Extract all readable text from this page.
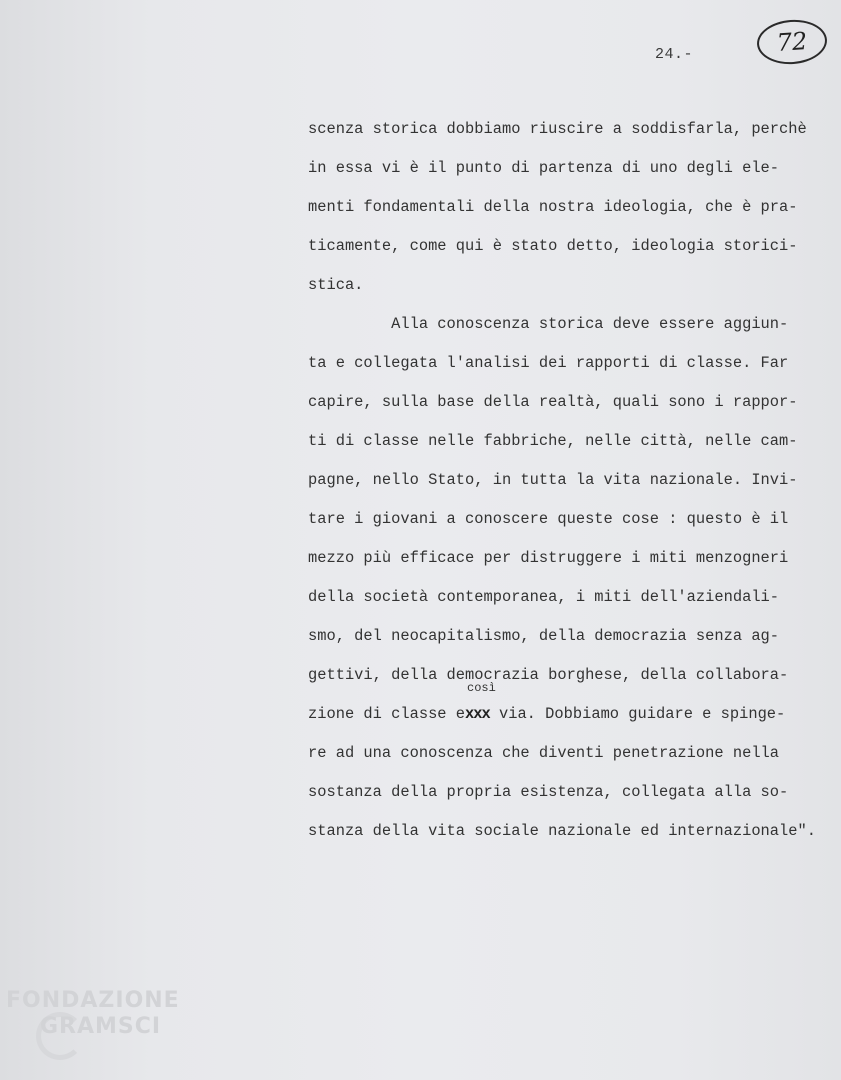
72
24.-
scenza storica dobbiamo riuscire a soddisfarla, perchè
in essa vi è il punto di partenza di uno degli ele-
menti fondamentali della nostra ideologia, che è pra-
ticamente, come qui è stato detto, ideologia storici-
stica.
Alla conoscenza storica deve essere aggiun-
ta e collegata l'analisi dei rapporti di classe. Far
capire, sulla base della realtà, quali sono i rappor-
ti di classe nelle fabbriche, nelle città, nelle cam-
pagne, nello Stato, in tutta la vita nazionale. Invi-
tare i giovani a conoscere queste cose : questo è il
mezzo più efficace per distruggere i miti menzogneri
della società contemporanea, i miti dell'aziendali-
smo, del neocapitalismo, della democrazia senza ag-
gettivi, della democrazia borghese, della collabora-
zione di classe e
così
xxx via. Dobbiamo guidare e spinge-
re ad una conoscenza che diventi penetrazione nella
sostanza della propria esistenza, collegata alla so-
stanza della vita sociale nazionale ed internazionale".
FONDAZIONE
GRAMSCI
